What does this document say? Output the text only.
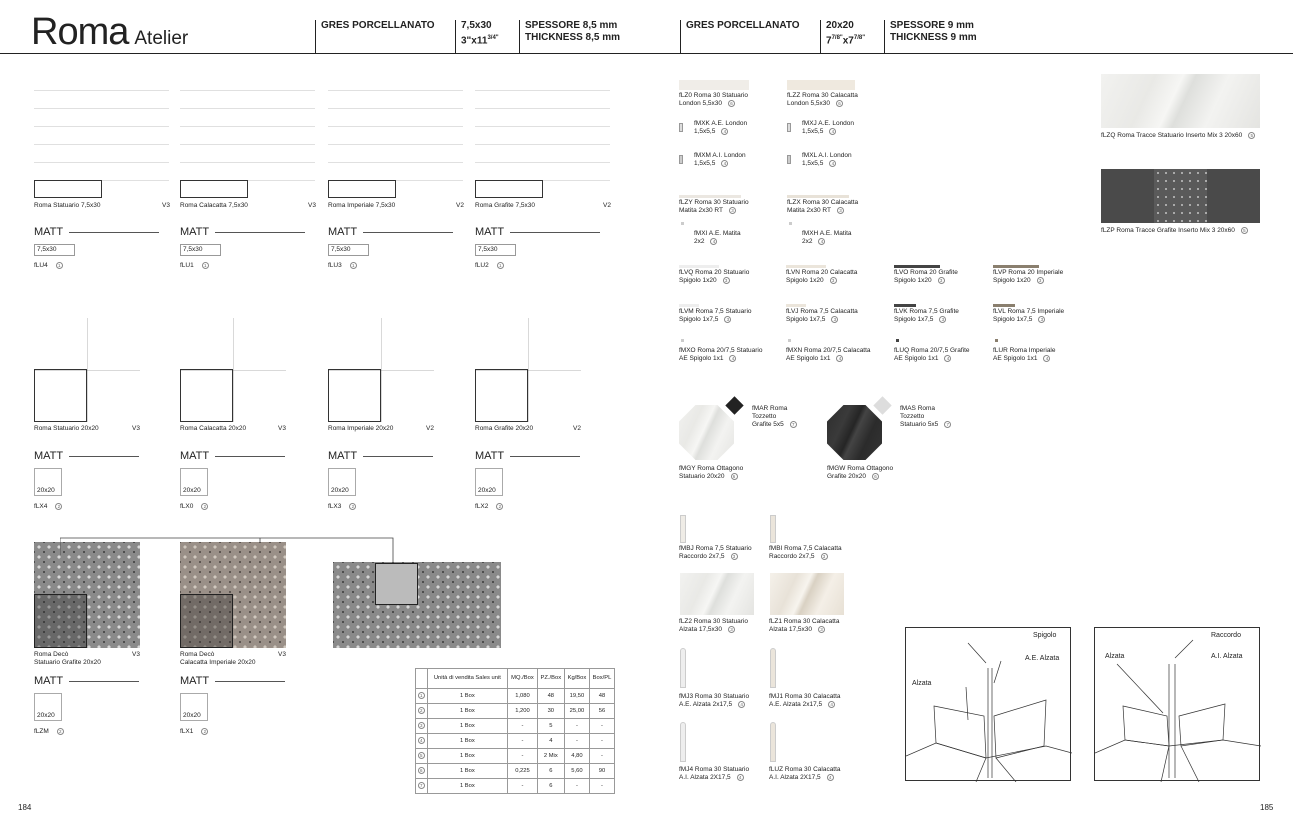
Roma Atelier
GRES PORCELLANATO	7,5x30
$3"x11^{3/4"}$
SPESSORE 8,5 mm
THICKNESS 8,5 mm
GRES PORCELLANATO	20x20
$7^{7/8"}x7^{7/8"}$
SPESSORE 9 mm
THICKNESS 9 mm
Roma Statuario 7,5x30	V3
MATT
7,5x30
fLU4 1
Roma Calacatta 7,5x30	V3
MATT
7,5x30
fLU1 1
Roma Imperiale 7,5x30	V2
MATT
7,5x30
fLU3 1
Roma Grafite 7,5x30	V2
MATT
7,5x30
fLU2 1
Roma Statuario 20x20	V3
MATT
20x20
fLX4 2
Roma Calacatta 20x20	V3
MATT
20x20
fLX0 2
Roma Imperiale 20x20	V2
MATT
20x20
fLX3 2
Roma Grafite 20x20	V2
MATT
20x20
fLX2 2
Roma Decò
Statuario Grafite 20x20
V3
MATT
20x20
fLZM 2
Roma Decò
Calacatta Imperiale 20x20
V3
MATT
20x20
fLX1 2
	Unità di vendita Sales unit	MQ./Box	PZ./Box	Kg/Box	Box/PL
1	1 Box	1,080	48	19,50	48
2	1 Box	1,200	30	25,00	56
3	1 Box	-	5	-	-
4	1 Box	-	4	-	-
5	1 Box	-	2 Mix	4,80	-
6	1 Box	0,225	6	5,60	90
7	1 Box	-	6	-	-
fLZ0 Roma 30 Statuario
London 5,5x30 6
fLZZ Roma 30 Calacatta
London 5,5x30 6
fMXK A.E. London
1,5x5,5 4
fMXJ A.E. London
1,5x5,5 4
fMXM A.I. London
1,5x5,5 4
fMXL A.I. London
1,5x5,5 4
fLZY Roma 30 Statuario
Matita 2x30 RT 3
fLZX Roma 30 Calacatta
Matita 2x30 RT 3
fMXI A.E. Matita
2x2 4
fMXH A.E. Matita
2x2 4
fLVQ Roma 20 Statuario
Spigolo 1x20 3
fLVN Roma 20 Calacatta
Spigolo 1x20 3
fLVO Roma 20 Grafite
Spigolo 1x20 3
fLVP Roma 20 Imperiale
Spigolo 1x20 3
fLVM Roma 7,5 Statuario
Spigolo 1x7,5 3
fLVJ Roma 7,5 Calacatta
Spigolo 1x7,5 3
fLVK Roma 7,5 Grafite
Spigolo 1x7,5 3
fLVL Roma 7,5 Imperiale
Spigolo 1x7,5 3
fMXO Roma 20/7,5 Statuario
AE Spigolo 1x1 4
fMXN Roma 20/7,5 Calacatta
AE Spigolo 1x1 4
fLUQ Roma 20/7,5 Grafite
AE Spigolo 1x1 4
fLUR Roma Imperiale
AE Spigolo 1x1 4
fMAR Roma
Tozzetto
Grafite 5x5 7
fMGY Roma Ottagono
Statuario 20x20 6
fMAS Roma
Tozzetto
Statuario 5x5 7
fMGW Roma Ottagono
Grafite 20x20 6
fMBJ Roma 7,5 Statuario
Raccordo 2x7,5 3
fMBI Roma 7,5 Calacatta
Raccordo 2x7,5 3
fLZ2 Roma 30 Statuario
Alzata 17,5x30 3
fLZ1 Roma 30 Calacatta
Alzata 17,5x30 3
fMJ3 Roma 30 Statuario
A.E. Alzata 2x17,5 4
fMJ1 Roma 30 Calacatta
A.E. Alzata 2x17,5 4
fMJ4 Roma 30 Statuario
A.I. Alzata 2X17,5 4
fLUZ Roma 30 Calacatta
A.I. Alzata 2X17,5 4
fLZQ Roma Tracce Statuario Inserto Mix 3 20x60 5
fLZP Roma Tracce Grafite Inserto Mix 3 20x60 5
Spigolo
A.E. Alzata
Alzata
Raccordo
Alzata	A.I. Alzata
184	185
